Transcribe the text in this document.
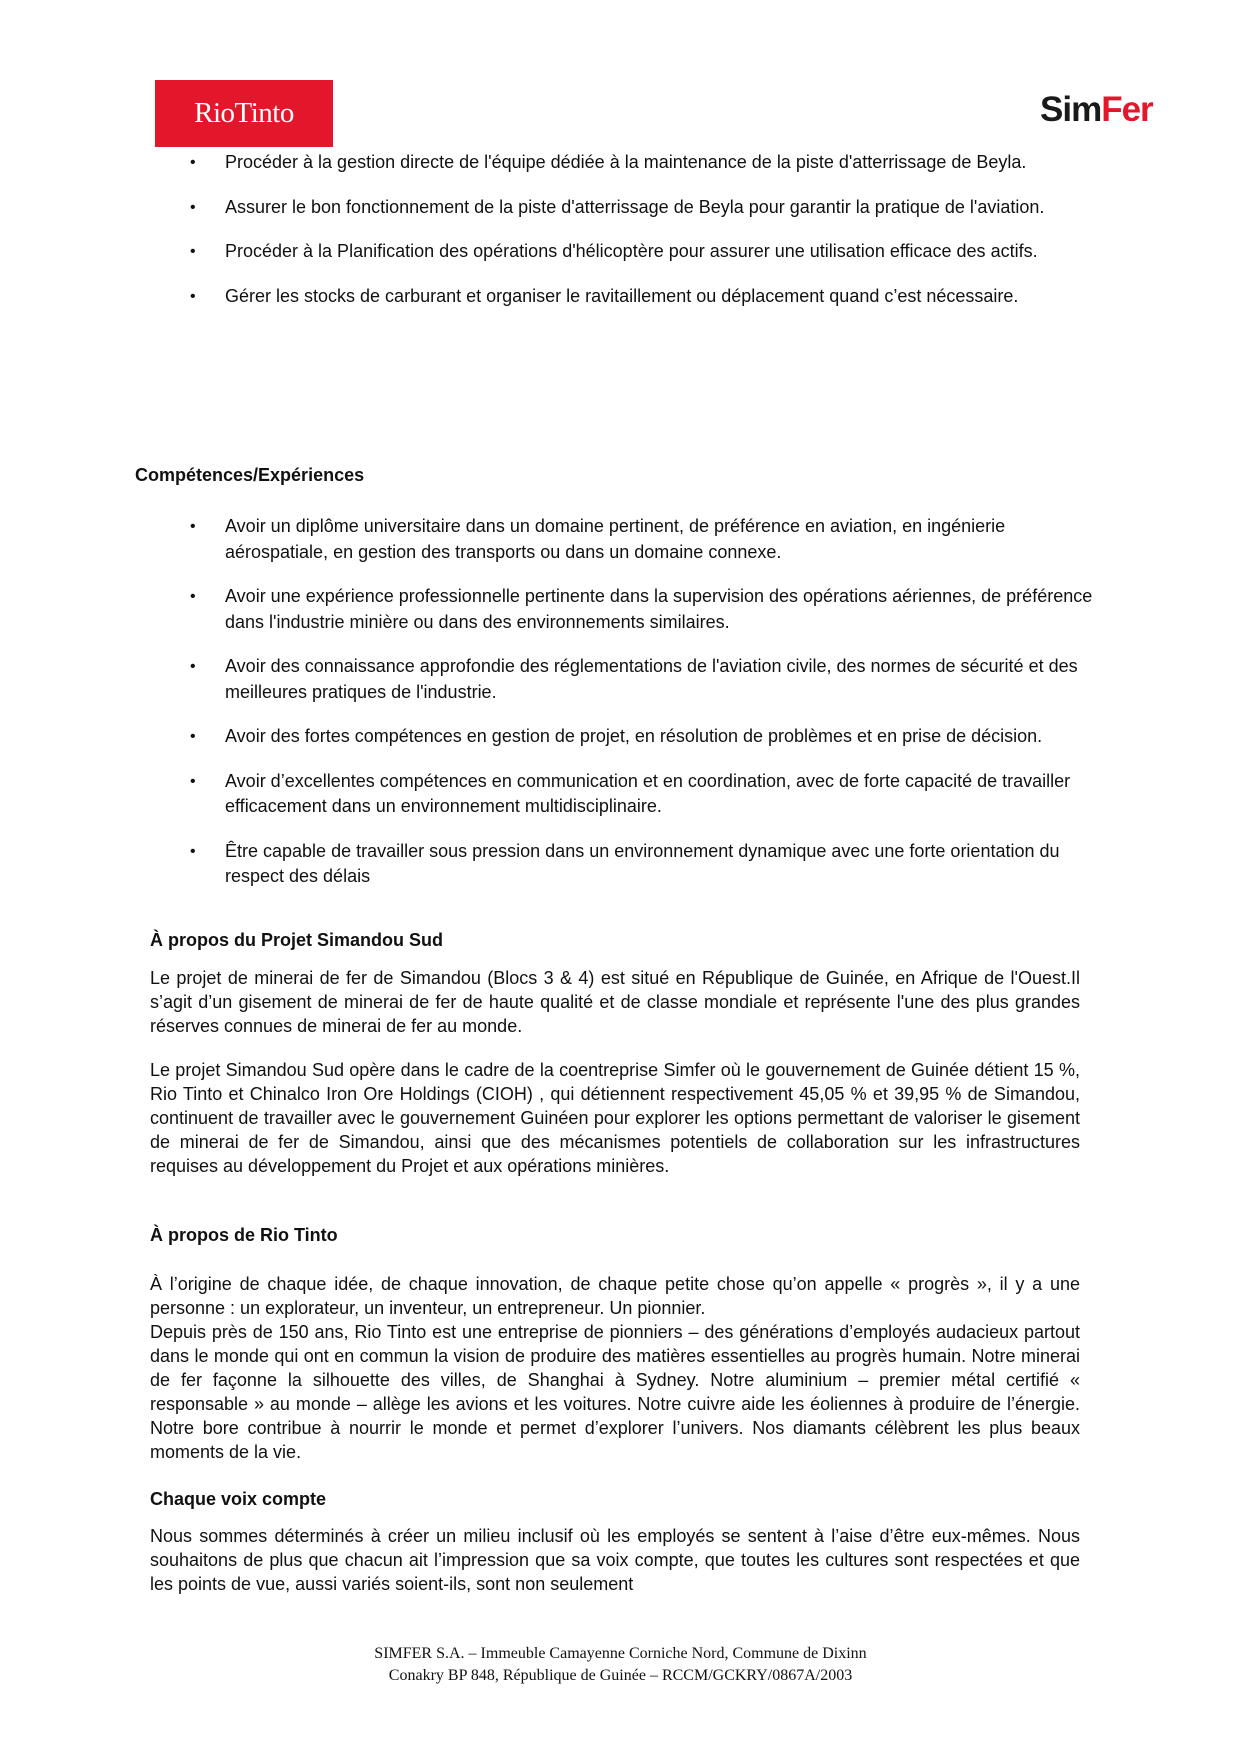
RioTinto	SimFer
• Procéder à la gestion directe de l'équipe dédiée à la maintenance de la piste d'atterrissage de Beyla.
• Assurer le bon fonctionnement de la piste d'atterrissage de Beyla pour garantir la pratique de l'aviation.
• Procéder à la Planification des opérations d'hélicoptère pour assurer une utilisation efficace des actifs.
• Gérer les stocks de carburant et organiser le ravitaillement ou déplacement quand c’est nécessaire.
Compétences/Expériences
• Avoir un diplôme universitaire dans un domaine pertinent, de préférence en aviation, en ingénierie aérospatiale, en gestion des transports ou dans un domaine connexe.
• Avoir une expérience professionnelle pertinente dans la supervision des opérations aériennes, de préférence dans l'industrie minière ou dans des environnements similaires.
• Avoir des connaissance approfondie des réglementations de l'aviation civile, des normes de sécurité et des meilleures pratiques de l'industrie.
• Avoir des fortes compétences en gestion de projet, en résolution de problèmes et en prise de décision.
• Avoir d’excellentes compétences en communication et en coordination, avec de forte capacité de travailler efficacement dans un environnement multidisciplinaire.
• Être capable de travailler sous pression dans un environnement dynamique avec une forte orientation du respect des délais
À propos du Projet Simandou Sud

Le projet de minerai de fer de Simandou (Blocs 3 & 4) est situé en République de Guinée, en Afrique de l'Ouest.Il s’agit d’un gisement de minerai de fer de haute qualité et de classe mondiale et représente l'une des plus grandes réserves connues de minerai de fer au monde.

Le projet Simandou Sud opère dans le cadre de la coentreprise Simfer où le gouvernement de Guinée détient 15 %, Rio Tinto et Chinalco Iron Ore Holdings (CIOH) , qui détiennent respectivement 45,05 % et 39,95 % de Simandou, continuent de travailler avec le gouvernement Guinéen pour explorer les options permettant de valoriser le gisement de minerai de fer de Simandou, ainsi que des mécanismes potentiels de collaboration sur les infrastructures requises au développement du Projet et aux opérations minières.

À propos de Rio Tinto

À l’origine de chaque idée, de chaque innovation, de chaque petite chose qu’on appelle « progrès », il y a une personne : un explorateur, un inventeur, un entrepreneur. Un pionnier.

Depuis près de 150 ans, Rio Tinto est une entreprise de pionniers – des générations d’employés audacieux partout dans le monde qui ont en commun la vision de produire des matières essentielles au progrès humain. Notre minerai de fer façonne la silhouette des villes, de Shanghai à Sydney. Notre aluminium – premier métal certifié « responsable » au monde – allège les avions et les voitures. Notre cuivre aide les éoliennes à produire de l’énergie. Notre bore contribue à nourrir le monde et permet d’explorer l’univers. Nos diamants célèbrent les plus beaux moments de la vie.

Chaque voix compte

Nous sommes déterminés à créer un milieu inclusif où les employés se sentent à l’aise d’être eux-mêmes. Nous souhaitons de plus que chacun ait l’impression que sa voix compte, que toutes les cultures sont respectées et que les points de vue, aussi variés soient-ils, sont non seulement

SIMFER S.A. – Immeuble Camayenne Corniche Nord, Commune de Dixinn
Conakry BP 848, République de Guinée – RCCM/GCKRY/0867A/2003
